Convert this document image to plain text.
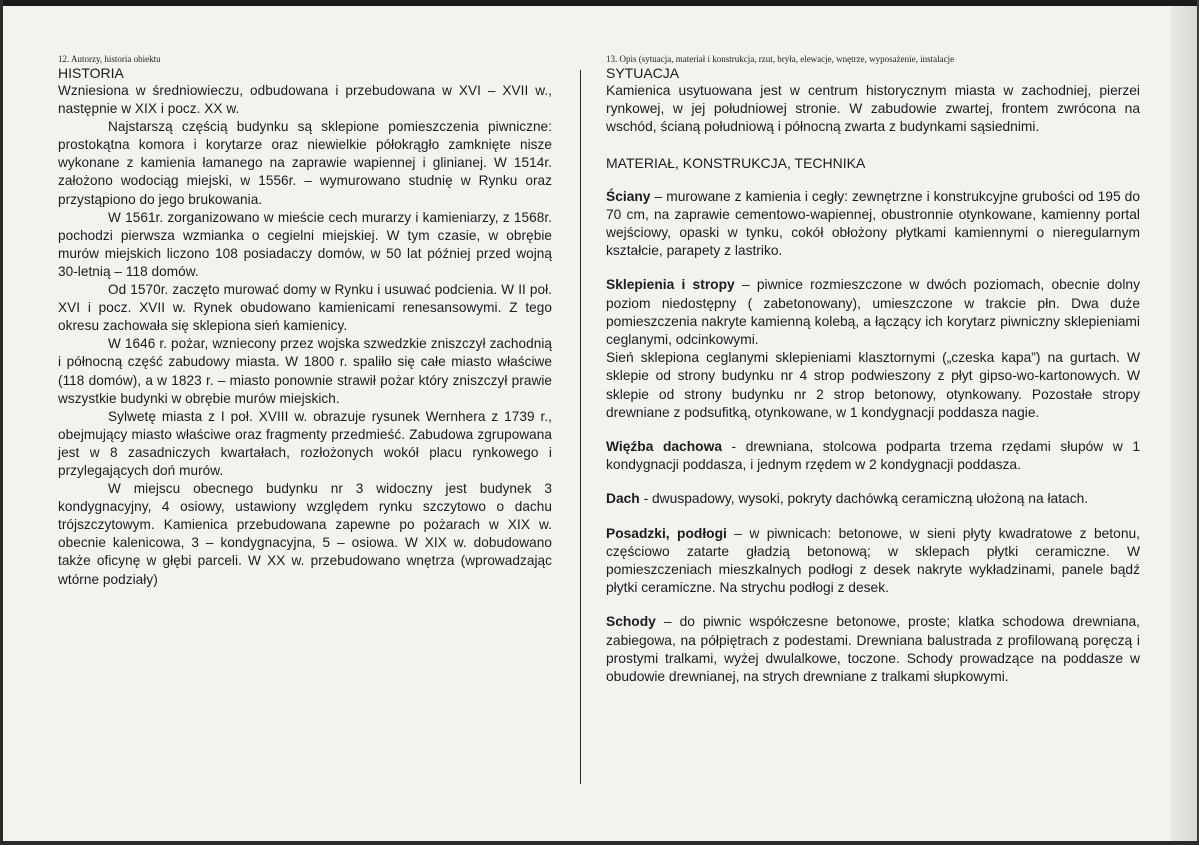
12. Autorzy, historia obiektu

HISTORIA

Wzniesiona w średniowieczu, odbudowana i przebudowana w XVI – XVII w., następnie w XIX i pocz. XX w.

Najstarszą częścią budynku są sklepione pomieszczenia piwniczne: prostokątna komora i korytarze oraz niewielkie półokrągło zamknięte nisze wykonane z kamienia łamanego na zaprawie wapiennej i glinianej. W 1514r. założono wodociąg miejski, w 1556r. – wymurowano studnię w Rynku oraz przystąpiono do jego brukowania.

W 1561r. zorganizowano w mieście cech murarzy i kamieniarzy, z 1568r. pochodzi pierwsza wzmianka o cegielni miejskiej. W tym czasie, w obrębie murów miejskich liczono 108 posiadaczy domów, w 50 lat później przed wojną 30-letnią – 118 domów.

Od 1570r. zaczęto murować domy w Rynku i usuwać podcienia. W II poł. XVI i pocz. XVII w. Rynek obudowano kamienicami renesansowymi. Z tego okresu zachowała się sklepiona sień kamienicy.

W 1646 r. pożar, wzniecony przez wojska szwedzkie zniszczył zachodnią i północną część zabudowy miasta. W 1800 r. spaliło się całe miasto właściwe (118 domów), a w 1823 r. – miasto ponownie strawił pożar który zniszczył prawie wszystkie budynki w obrębie murów miejskich.

Sylwetę miasta z I poł. XVIII w. obrazuje rysunek Wernhera z 1739 r., obejmujący miasto właściwe oraz fragmenty przedmieść. Zabudowa zgrupowana jest w 8 zasadniczych kwartałach, rozłożonych wokół placu rynkowego i przylegających doń murów.

W miejscu obecnego budynku nr 3 widoczny jest budynek 3 kondygnacyjny, 4 osiowy, ustawiony względem rynku szczytowo o dachu trójszczytowym. Kamienica przebudowana zapewne po pożarach w XIX w. obecnie kalenicowa, 3 – kondygnacyjna, 5 – osiowa. W XIX w. dobudowano także oficynę w głębi parceli. W XX w. przebudowano wnętrza (wprowadzając wtórne podziały)

13. Opis (sytuacja, materiał i konstrukcja, rzut, bryła, elewacje, wnętrze, wyposażenie, instalacje

SYTUACJA

Kamienica usytuowana jest w centrum historycznym miasta w zachodniej, pierzei rynkowej, w jej południowej stronie. W zabudowie zwartej, frontem zwrócona na wschód, ścianą południową i północną zwarta z budynkami sąsiednimi.

MATERIAŁ, KONSTRUKCJA, TECHNIKA

Ściany – murowane z kamienia i cegły: zewnętrzne i konstrukcyjne grubości od 195 do 70 cm, na zaprawie cementowo-wapiennej, obustronnie otynkowane, kamienny portal wejściowy, opaski w tynku, cokół obłożony płytkami kamiennymi o nieregularnym kształcie, parapety z lastriko.

Sklepienia i stropy – piwnice rozmieszczone w dwóch poziomach, obecnie dolny poziom niedostępny ( zabetonowany), umieszczone w trakcie płn. Dwa duże pomieszczenia nakryte kamienną kolebą, a łączący ich korytarz piwniczny sklepieniami ceglanymi, odcinkowymi.

Sień sklepiona ceglanymi sklepieniami klasztornymi („czeska kapa”) na gurtach. W sklepie od strony budynku nr 4 strop podwieszony z płyt gipso-wo-kartonowych. W sklepie od strony budynku nr 2 strop betonowy, otynkowany. Pozostałe stropy drewniane z podsufitką, otynkowane, w 1 kondygnacji poddasza nagie.

Więźba dachowa - drewniana, stolcowa podparta trzema rzędami słupów w 1 kondygnacji poddasza, i jednym rzędem w 2 kondygnacji poddasza.

Dach - dwuspadowy, wysoki, pokryty dachówką ceramiczną ułożoną na łatach.

Posadzki, podłogi – w piwnicach: betonowe, w sieni płyty kwadratowe z betonu, częściowo zatarte gładzią betonową; w sklepach płytki ceramiczne. W pomieszczeniach mieszkalnych podłogi z desek nakryte wykładzinami, panele bądź płytki ceramiczne. Na strychu podłogi z desek.

Schody – do piwnic współczesne betonowe, proste; klatka schodowa drewniana, zabiegowa, na półpiętrach z podestami. Drewniana balustrada z profilowaną poręczą i prostymi tralkami, wyżej dwulalkowe, toczone. Schody prowadzące na poddasze w obudowie drewnianej, na strych drewniane z tralkami słupkowymi.
